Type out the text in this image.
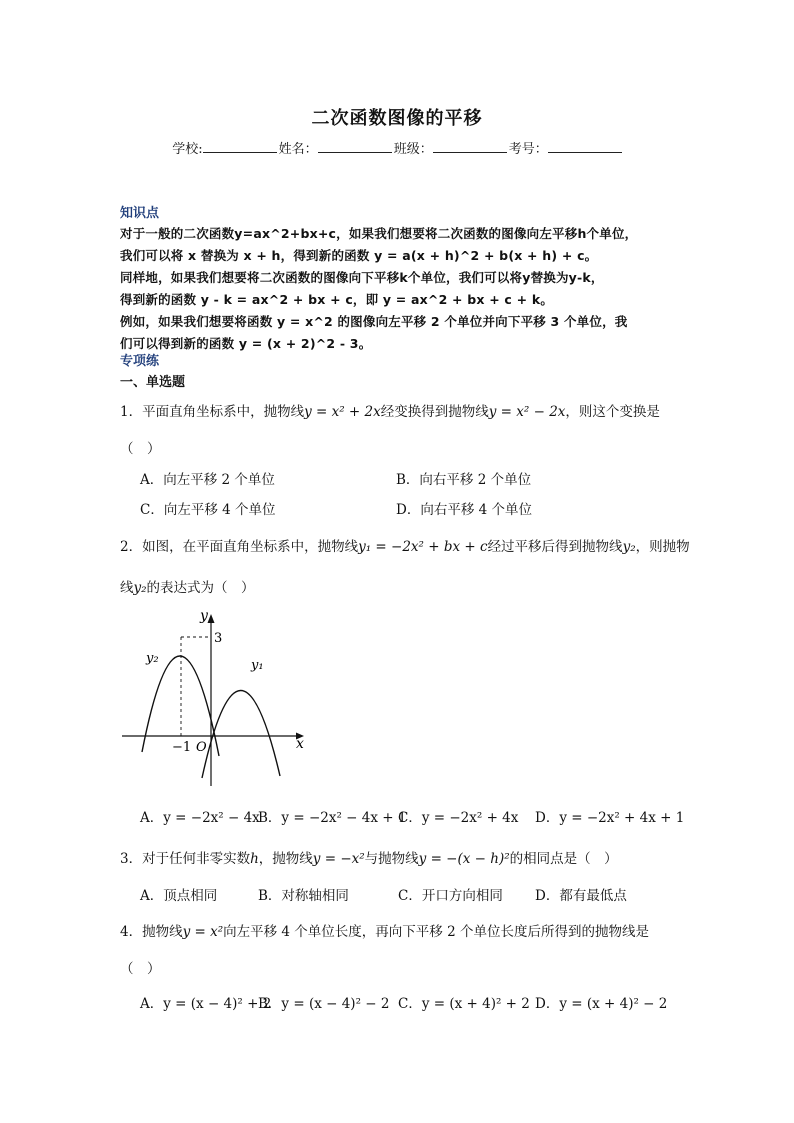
二次函数图像的平移
学校:	姓名：	班级：	考号：
知识点
对于一般的二次函数y=ax^2+bx+c，如果我们想要将二次函数的图像向左平移h个单位，
我们可以将 x 替换为 x + h，得到新的函数 y = a(x + h)^2 + b(x + h) + c。
同样地，如果我们想要将二次函数的图像向下平移k个单位，我们可以将y替换为y-k，
得到新的函数 y - k = ax^2 + bx + c，即 y = ax^2 + bx + c + k。
例如，如果我们想要将函数 y = x^2 的图像向左平移 2 个单位并向下平移 3 个单位，我
们可以得到新的函数 y = (x + 2)^2 - 3。
专项练
一、单选题
1．平面直角坐标系中，抛物线y = x² + 2x经变换得到抛物线y = x² − 2x，则这个变换是
（　）
A．向左平移 2 个单位	B．向右平移 2 个单位
C．向左平移 4 个单位	D．向右平移 4 个单位
2．如图，在平面直角坐标系中，抛物线y₁ = −2x² + bx + c经过平移后得到抛物线y₂，则抛物
线y₂的表达式为（　）
y
x
O
−1
3
y₂	y₁
A．y = −2x² − 4x
B．y = −2x² − 4x + 1
C．y = −2x² + 4x D．y = −2x² + 4x + 1
3．对于任何非零实数h，抛物线y = −x²与抛物线y = −(x − h)²的相同点是（　）
A．顶点相同	B．对称轴相同	C．开口方向相同 D．都有最低点
4．抛物线y = x²向左平移 4 个单位长度，再向下平移 2 个单位长度后所得到的抛物线是
（　）
A．y = (x − 4)² + 2
B．y = (x − 4)² − 2 C．y = (x + 4)² + 2 D．y = (x + 4)² − 2
